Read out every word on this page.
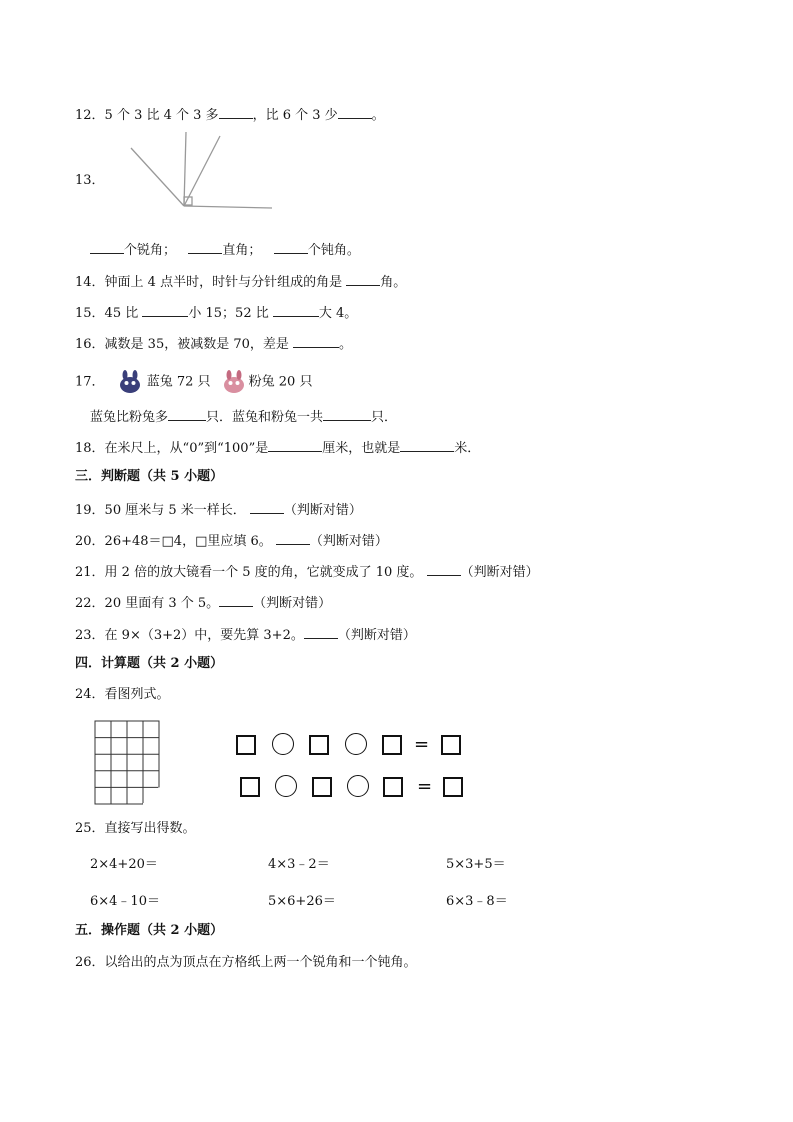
12．5 个 3 比 4 个 3 多	，比 6 个 3 少	。
13．
个锐角；	直角；	个钝角。
14．钟面上 4 点半时，时针与分针组成的角是	角。
15．45 比	小 15；52 比	大 4。
16．减数是 35，被减数是 70，差是	。
17．	蓝兔 72 只	粉兔 20 只
蓝兔比粉兔多	只．蓝兔和粉兔一共	只．
18．在米尺上，从“0”到“100”是	厘米，也就是	米．
三．判断题（共 5 小题）
19．50 厘米与 5 米一样长．	（判断对错）
20．26+48＝□4，□里应填 6。	（判断对错）
21．用 2 倍的放大镜看一个 5 度的角，它就变成了 10 度。	（判断对错）
22．20 里面有 3 个 5。	（判断对错）
23．在 9×（3+2）中，要先算 3+2。	（判断对错）
四．计算题（共 2 小题）
24．看图列式。
=
=
25．直接写出得数。
2×4+20＝	4×3﹣2＝	5×3+5＝
6×4﹣10＝	5×6+26＝	6×3﹣8＝
五．操作题（共 2 小题）
26．以给出的点为顶点在方格纸上两一个锐角和一个钝角。
